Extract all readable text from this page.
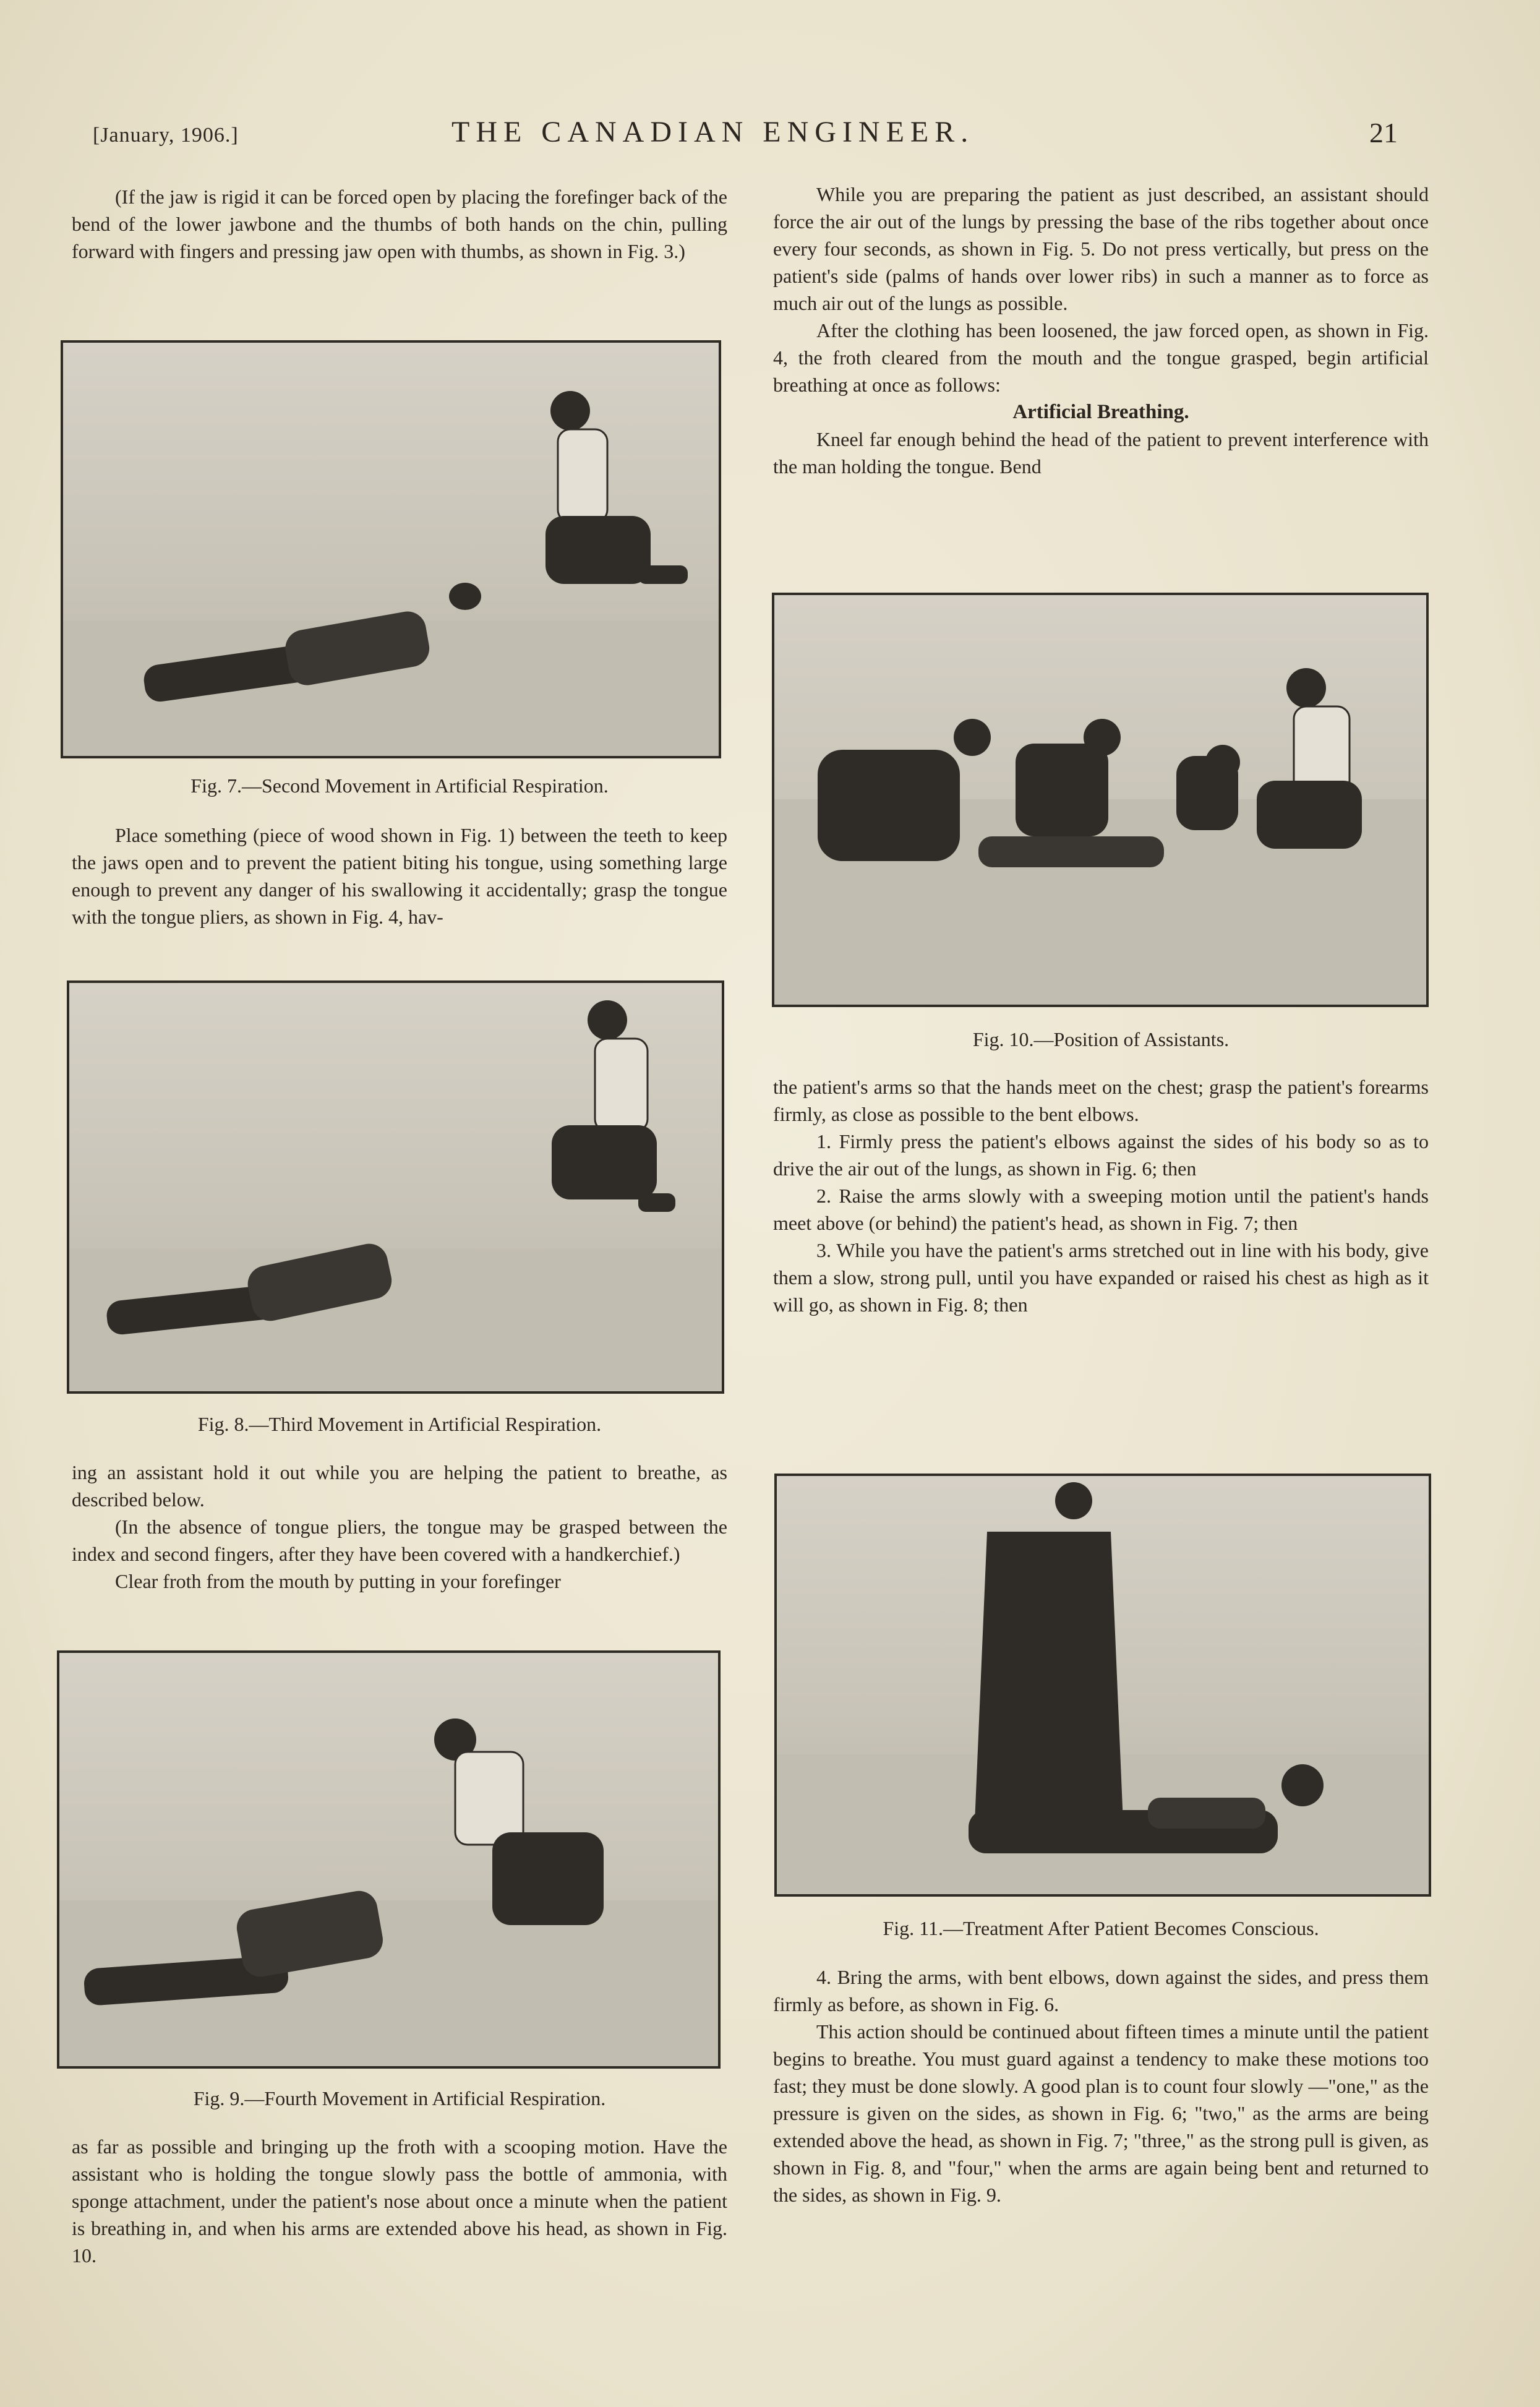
[January, 1906.]	THE CANADIAN ENGINEER.	21

(If the jaw is rigid it can be forced open by placing the forefinger back of the bend of the lower jawbone and the thumbs of both hands on the chin, pulling forward with fingers and pressing jaw open with thumbs, as shown in Fig. 3.)

Fig. 7.—Second Movement in Artificial Respiration.

Place something (piece of wood shown in Fig. 1) between the teeth to keep the jaws open and to prevent the patient biting his tongue, using something large enough to prevent any danger of his swallowing it accidentally; grasp the tongue with the tongue pliers, as shown in Fig. 4, hav-

Fig. 8.—Third Movement in Artificial Respiration.

ing an assistant hold it out while you are helping the patient to breathe, as described below.

(In the absence of tongue pliers, the tongue may be grasped between the index and second fingers, after they have been covered with a handkerchief.)

Clear froth from the mouth by putting in your forefinger

Fig. 9.—Fourth Movement in Artificial Respiration.

as far as possible and bringing up the froth with a scooping motion. Have the assistant who is holding the tongue slowly pass the bottle of ammonia, with sponge attachment, under the patient's nose about once a minute when the patient is breathing in, and when his arms are extended above his head, as shown in Fig. 10.

While you are preparing the patient as just described, an assistant should force the air out of the lungs by pressing the base of the ribs together about once every four seconds, as shown in Fig. 5. Do not press vertically, but press on the patient's side (palms of hands over lower ribs) in such a manner as to force as much air out of the lungs as possible.

After the clothing has been loosened, the jaw forced open, as shown in Fig. 4, the froth cleared from the mouth and the tongue grasped, begin artificial breathing at once as follows:

Artificial Breathing.

Kneel far enough behind the head of the patient to prevent interference with the man holding the tongue. Bend

Fig. 10.—Position of Assistants.

the patient's arms so that the hands meet on the chest; grasp the patient's forearms firmly, as close as possible to the bent elbows.

1. Firmly press the patient's elbows against the sides of his body so as to drive the air out of the lungs, as shown in Fig. 6; then

2. Raise the arms slowly with a sweeping motion until the patient's hands meet above (or behind) the patient's head, as shown in Fig. 7; then

3. While you have the patient's arms stretched out in line with his body, give them a slow, strong pull, until you have expanded or raised his chest as high as it will go, as shown in Fig. 8; then

Fig. 11.—Treatment After Patient Becomes Conscious.

4. Bring the arms, with bent elbows, down against the sides, and press them firmly as before, as shown in Fig. 6.

This action should be continued about fifteen times a minute until the patient begins to breathe. You must guard against a tendency to make these motions too fast; they must be done slowly. A good plan is to count four slowly —"one," as the pressure is given on the sides, as shown in Fig. 6; "two," as the arms are being extended above the head, as shown in Fig. 7; "three," as the strong pull is given, as shown in Fig. 8, and "four," when the arms are again being bent and returned to the sides, as shown in Fig. 9.
